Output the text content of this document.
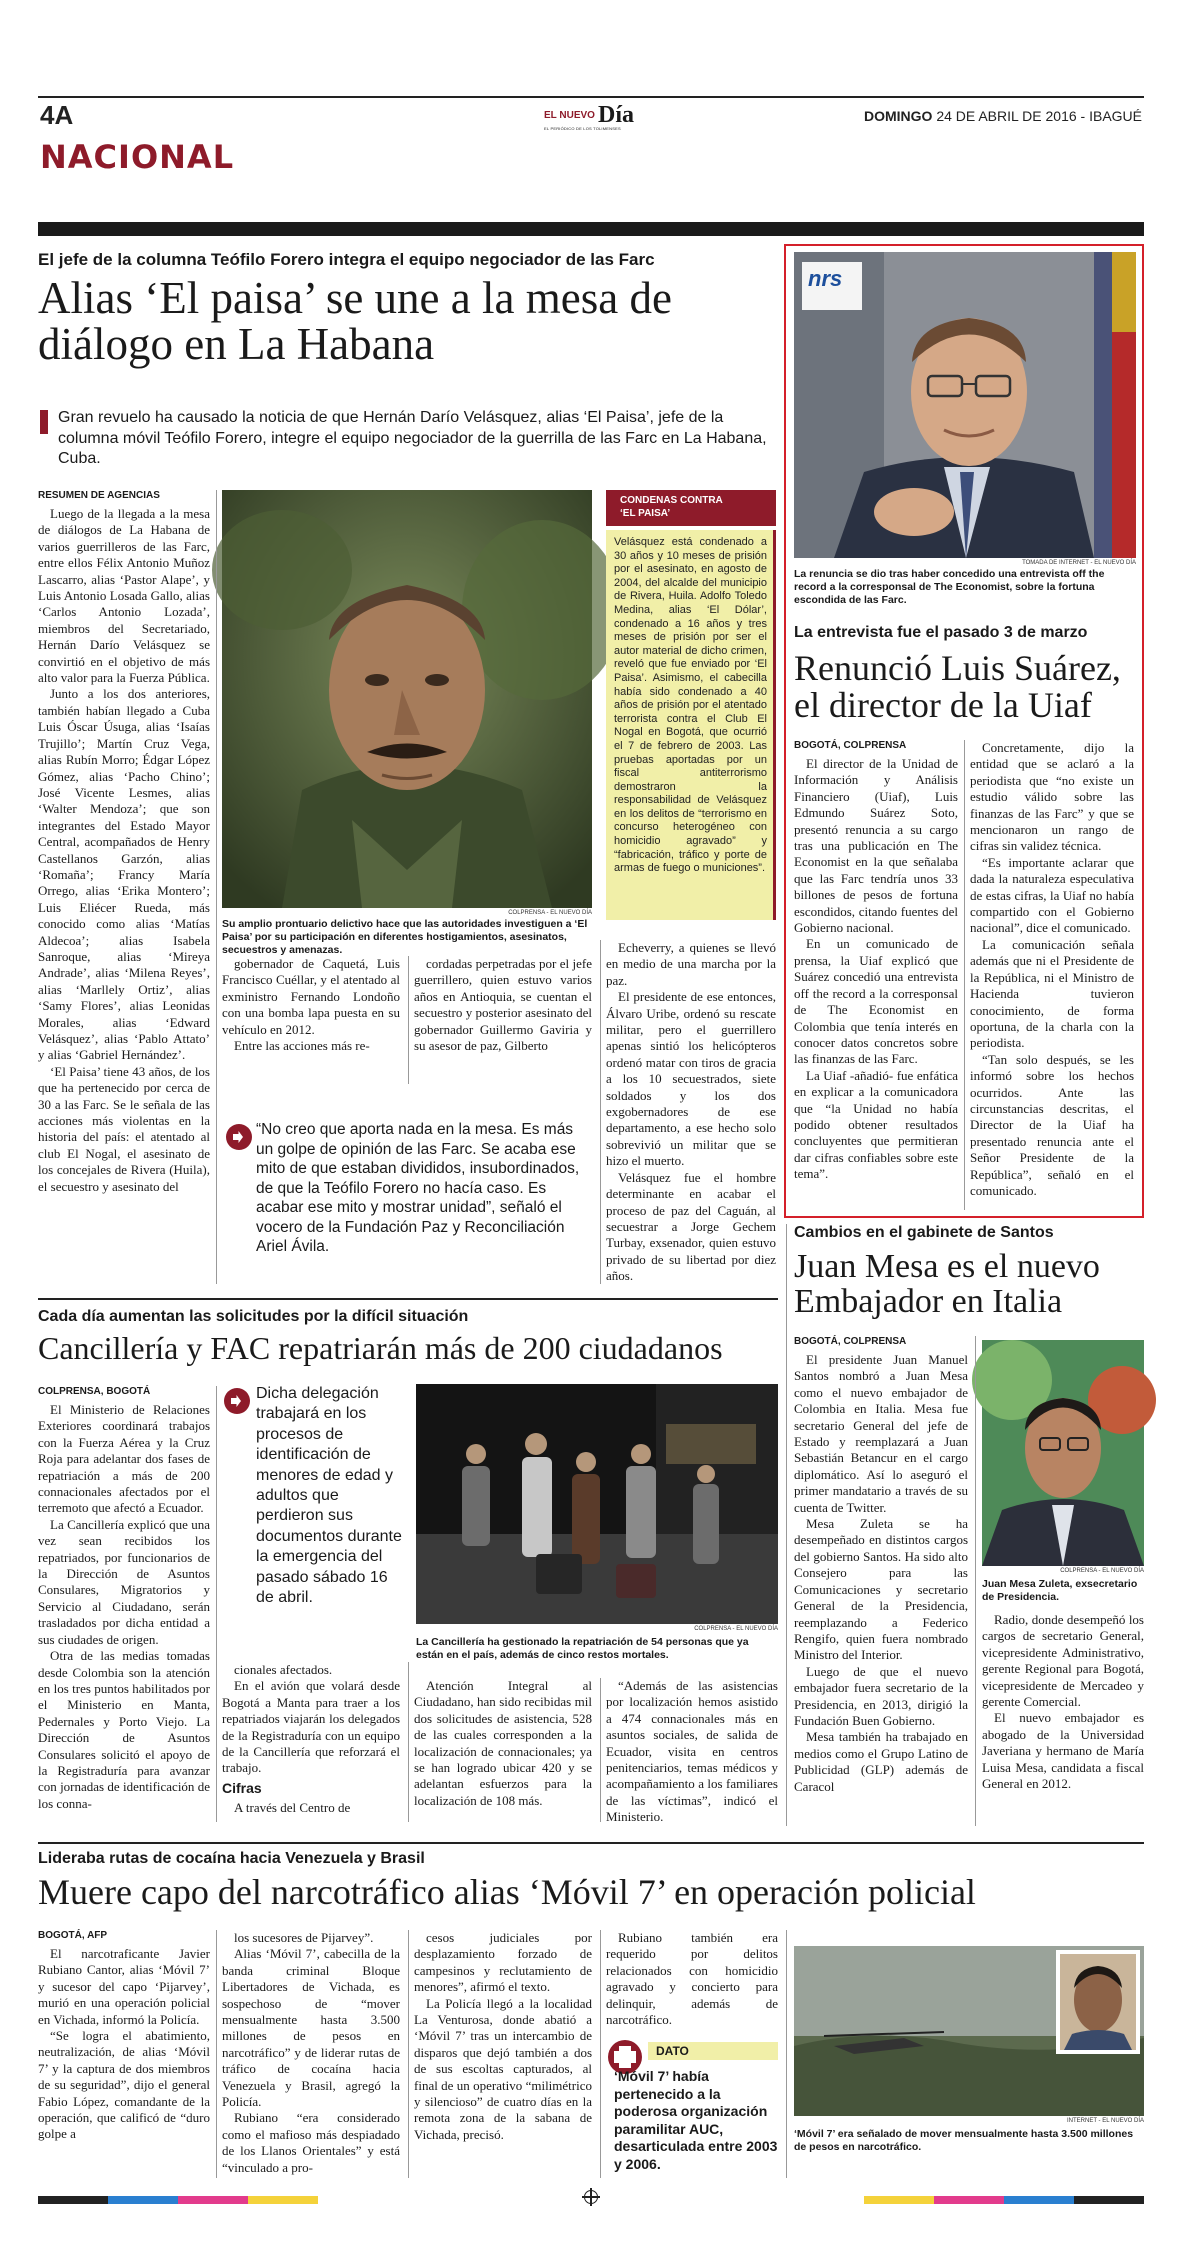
4A
NACIONAL
EL NUEVO Día
EL PERIÓDICO DE LOS TOLIMENSES
DOMINGO 24 DE ABRIL DE 2016 - IBAGUÉ
El jefe de la columna Teófilo Forero integra el equipo negociador de las Farc
Alias ‘El paisa’ se une a la mesa de diálogo en La Habana
Gran revuelo ha causado la noticia de que Hernán Darío Velásquez, alias ‘El Paisa’, jefe de la columna móvil Teófilo Forero, integre el equipo negociador de la guerrilla de las Farc en La Habana, Cuba.
RESUMEN DE AGENCIAS
Luego de la llegada a la mesa de diálogos de La Habana de varios guerrilleros de las Farc, entre ellos Félix Antonio Muñoz Lascarro, alias ‘Pastor Alape’, y Luis Antonio Losada Gallo, alias ‘Carlos Antonio Lozada’, miembros del Secretariado, Hernán Darío Velásquez se convirtió en el objetivo de más alto valor para la Fuerza Pública.
Junto a los dos anteriores, también habían llegado a Cuba Luis Óscar Úsuga, alias ‘Isaías Trujillo’; Martín Cruz Vega, alias Rubín Morro; Édgar López Gómez, alias ‘Pacho Chino’; José Vicente Lesmes, alias ‘Walter Mendoza’; que son integrantes del Estado Mayor Central, acompañados de Henry Castellanos Garzón, alias ‘Romaña’; Francy María Orrego, alias ‘Erika Montero’; Luis Eliécer Rueda, más conocido como alias ‘Matías Aldecoa’; alias Isabela Sanroque, alias ‘Mireya Andrade’, alias ‘Milena Reyes’, alias ‘Marllely Ortiz’, alias ‘Samy Flores’, alias Leonidas Morales, alias ‘Edward Velásquez’, alias ‘Pablo Attato’ y alias ‘Gabriel Hernández’.
‘El Paisa’ tiene 43 años, de los que ha pertenecido por cerca de 30 a las Farc. Se le señala de las acciones más violentas en la historia del país: el atentado al club El Nogal, el asesinato de los concejales de Rivera (Huila), el secuestro y asesinato del
COLPRENSA - EL NUEVO DÍA
Su amplio prontuario delictivo hace que las autoridades investiguen a ‘El Paisa’ por su participación en diferentes hostigamientos, asesinatos, secuestros y amenazas.
CONDENAS CONTRA
‘EL PAISA’
Velásquez está condenado a 30 años y 10 meses de prisión por el asesinato, en agosto de 2004, del alcalde del municipio de Rivera, Huila. Adolfo Toledo Medina, alias ‘El Dólar’, condenado a 16 años y tres meses de prisión por ser el autor material de dicho crimen, reveló que fue enviado por ‘El Paisa’. Asimismo, el cabecilla había sido condenado a 40 años de prisión por el atentado terrorista contra el Club El Nogal en Bogotá, que ocurrió el 7 de febrero de 2003. Las pruebas aportadas por un fiscal antiterrorismo demostraron la responsabilidad de Velásquez en los delitos de “terrorismo en concurso heterogéneo con homicidio agravado” y “fabricación, tráfico y porte de armas de fuego o municiones”.
gobernador de Caquetá, Luis Francisco Cuéllar, y el atentado al exministro Fernando Londoño con una bomba lapa puesta en su vehículo en 2012.
Entre las acciones más re-
cordadas perpetradas por el jefe guerrillero, quien estuvo varios años en Antioquia, se cuentan el secuestro y posterior asesinato del gobernador Guillermo Gaviria y su asesor de paz, Gilberto
Echeverry, a quienes se llevó en medio de una marcha por la paz.
El presidente de ese entonces, Álvaro Uribe, ordenó su rescate militar, pero el guerrillero apenas sintió los helicópteros ordenó matar con tiros de gracia a los 10 secuestrados, siete soldados y los dos exgobernadores de ese departamento, a ese hecho solo sobrevivió un militar que se hizo el muerto.
Velásquez fue el hombre determinante en acabar el proceso de paz del Caguán, al secuestrar a Jorge Gechem Turbay, exsenador, quien estuvo privado de su libertad por diez años.
“No creo que aporta nada en la mesa. Es más un golpe de opinión de las Farc. Se acaba ese mito de que estaban divididos, insubordinados, de que la Teófilo Forero no hacía caso. Es acabar ese mito y mostrar unidad”, señaló el vocero de la Fundación Paz y Reconciliación Ariel Ávila.
nrs
TOMADA DE INTERNET - EL NUEVO DÍA
La renuncia se dio tras haber concedido una entrevista off the record a la corresponsal de The Economist, sobre la fortuna escondida de las Farc.
La entrevista fue el pasado 3 de marzo
Renunció Luis Suárez, el director de la Uiaf
BOGOTÁ, COLPRENSA
El director de la Unidad de Información y Análisis Financiero (Uiaf), Luis Edmundo Suárez Soto, presentó renuncia a su cargo tras una publicación en The Economist en la que señalaba que las Farc tendría unos 33 billones de pesos de fortuna escondidos, citando fuentes del Gobierno nacional.
En un comunicado de prensa, la Uiaf explicó que Suárez concedió una entrevista off the record a la corresponsal de The Economist en Colombia que tenía interés en conocer datos concretos sobre las finanzas de las Farc.
La Uiaf -añadió- fue enfática en explicar a la comunicadora que “la Unidad no había podido obtener resultados concluyentes que permitieran dar cifras confiables sobre este tema”.
Concretamente, dijo la entidad que se aclaró a la periodista que “no existe un estudio válido sobre las finanzas de las Farc” y que se mencionaron un rango de cifras sin validez técnica.
“Es importante aclarar que dada la naturaleza especulativa de estas cifras, la Uiaf no había compartido con el Gobierno nacional”, dice el comunicado.
La comunicación señala además que ni el Presidente de la República, ni el Ministro de Hacienda tuvieron conocimiento, de forma oportuna, de la charla con la periodista.
“Tan solo después, se les informó sobre los hechos ocurridos. Ante las circunstancias descritas, el Director de la Uiaf ha presentado renuncia ante el Señor Presidente de la República”, señaló en el comunicado.
Cambios en el gabinete de Santos
Juan Mesa es el nuevo Embajador en Italia
BOGOTÁ, COLPRENSA
El presidente Juan Manuel Santos nombró a Juan Mesa como el nuevo embajador de Colombia en Italia. Mesa fue secretario General del jefe de Estado y reemplazará a Juan Sebastián Betancur en el cargo diplomático. Así lo aseguró el primer mandatario a través de su cuenta de Twitter.
Mesa Zuleta se ha desempeñado en distintos cargos del gobierno Santos. Ha sido alto Consejero para las Comunicaciones y secretario General de la Presidencia, reemplazando a Federico Rengifo, quien fuera nombrado Ministro del Interior.
Luego de que el nuevo embajador fuera secretario de la Presidencia, en 2013, dirigió la Fundación Buen Gobierno.
Mesa también ha trabajado en medios como el Grupo Latino de Publicidad (GLP) además de Caracol
COLPRENSA - EL NUEVO DÍA
Juan Mesa Zuleta, exsecretario de Presidencia.
Radio, donde desempeñó los cargos de secretario General, vicepresidente Administrativo, gerente Regional para Bogotá, vicepresidente de Mercadeo y gerente Comercial.
El nuevo embajador es abogado de la Universidad Javeriana y hermano de María Luisa Mesa, candidata a fiscal General en 2012.
Cada día aumentan las solicitudes por la difícil situación
Cancillería y FAC repatriarán más de 200 ciudadanos
COLPRENSA, BOGOTÁ
El Ministerio de Relaciones Exteriores coordinará trabajos con la Fuerza Aérea y la Cruz Roja para adelantar dos fases de repatriación a más de 200 connacionales afectados por el terremoto que afectó a Ecuador.
La Cancillería explicó que una vez sean recibidos los repatriados, por funcionarios de la Dirección de Asuntos Consulares, Migratorios y Servicio al Ciudadano, serán trasladados por dicha entidad a sus ciudades de origen.
Otra de las medias tomadas desde Colombia son la atención en los tres puntos habilitados por el Ministerio en Manta, Pedernales y Porto Viejo. La Dirección de Asuntos Consulares solicitó el apoyo de la Registraduría para avanzar con jornadas de identificación de los conna-
Dicha delegación trabajará en los procesos de identificación de menores de edad y adultos que perdieron sus documentos durante la emergencia del pasado sábado 16 de abril.
COLPRENSA - EL NUEVO DÍA
La Cancillería ha gestionado la repatriación de 54 personas que ya están en el país, además de cinco restos mortales.
cionales afectados.
En el avión que volará desde Bogotá a Manta para traer a los repatriados viajarán los delegados de la Registraduría con un equipo de la Cancillería que reforzará el trabajo.
Cifras
A través del Centro de
Atención Integral al Ciudadano, han sido recibidas mil dos solicitudes de asistencia, 528 de las cuales corresponden a la localización de connacionales; ya se han logrado ubicar 420 y se adelantan esfuerzos para la localización de 108 más.
“Además de las asistencias por localización hemos asistido a 474 connacionales más en asuntos sociales, de salida de Ecuador, visita en centros penitenciarios, temas médicos y acompañamiento a los familiares de las víctimas”, indicó el Ministerio.
Lideraba rutas de cocaína hacia Venezuela y Brasil
Muere capo del narcotráfico alias ‘Móvil 7’ en operación policial
BOGOTÁ, AFP
El narcotraficante Javier Rubiano Cantor, alias ‘Móvil 7’ y sucesor del capo ‘Pijarvey’, murió en una operación policial en Vichada, informó la Policía.
“Se logra el abatimiento, neutralización, de alias ‘Móvil 7’ y la captura de dos miembros de su seguridad”, dijo el general Fabio López, comandante de la operación, que calificó de “duro golpe a
los sucesores de Pijarvey”.
Alias ‘Móvil 7’, cabecilla de la banda criminal Bloque Libertadores de Vichada, es sospechoso de “mover mensualmente hasta 3.500 millones de pesos en narcotráfico” y de liderar rutas de tráfico de cocaína hacia Venezuela y Brasil, agregó la Policía.
Rubiano “era considerado como el mafioso más despiadado de los Llanos Orientales” y está “vinculado a pro-
cesos judiciales por desplazamiento forzado de campesinos y reclutamiento de menores”, afirmó el texto.
La Policía llegó a la localidad La Venturosa, donde abatió a ‘Móvil 7’ tras un intercambio de disparos que dejó también a dos de sus escoltas capturados, al final de un operativo “milimétrico y silencioso” de cuatro días en la remota zona de la sabana de Vichada, precisó.
Rubiano también era requerido por delitos relacionados con homicidio agravado y concierto para delinquir, además de narcotráfico.
DATO
‘Móvil 7’ había pertenecido a la poderosa organización paramilitar AUC, desarticulada entre 2003 y 2006.
INTERNET - EL NUEVO DÍA
‘Móvil 7’ era señalado de mover mensualmente hasta 3.500 millones de pesos en narcotráfico.
